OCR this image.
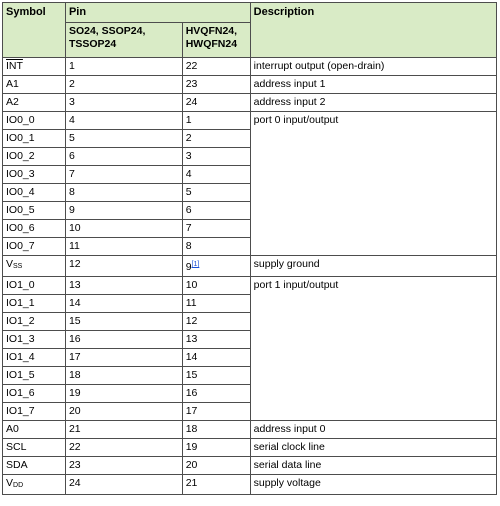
Symbol	Pin		Description
	SO24, SSOP24, TSSOP24	HVQFN24, HWQFN24	
$\overline{INT}$	1	22	interrupt output (open-drain)
A1	2	23	address input 1
A2	3	24	address input 2
IO0_0	4	1	port 0 input/output
IO0_1	5	2	
IO0_2	6	3	
IO0_3	7	4	
IO0_4	8	5	
IO0_5	9	6	
IO0_6	10	7	
IO0_7	11	8	
VSS	12	9[1]	supply ground
IO1_0	13	10	port 1 input/output
IO1_1	14	11	
IO1_2	15	12	
IO1_3	16	13	
IO1_4	17	14	
IO1_5	18	15	
IO1_6	19	16	
IO1_7	20	17	
A0	21	18	address input 0
SCL	22	19	serial clock line
SDA	23	20	serial data line
VDD	24	21	supply voltage
